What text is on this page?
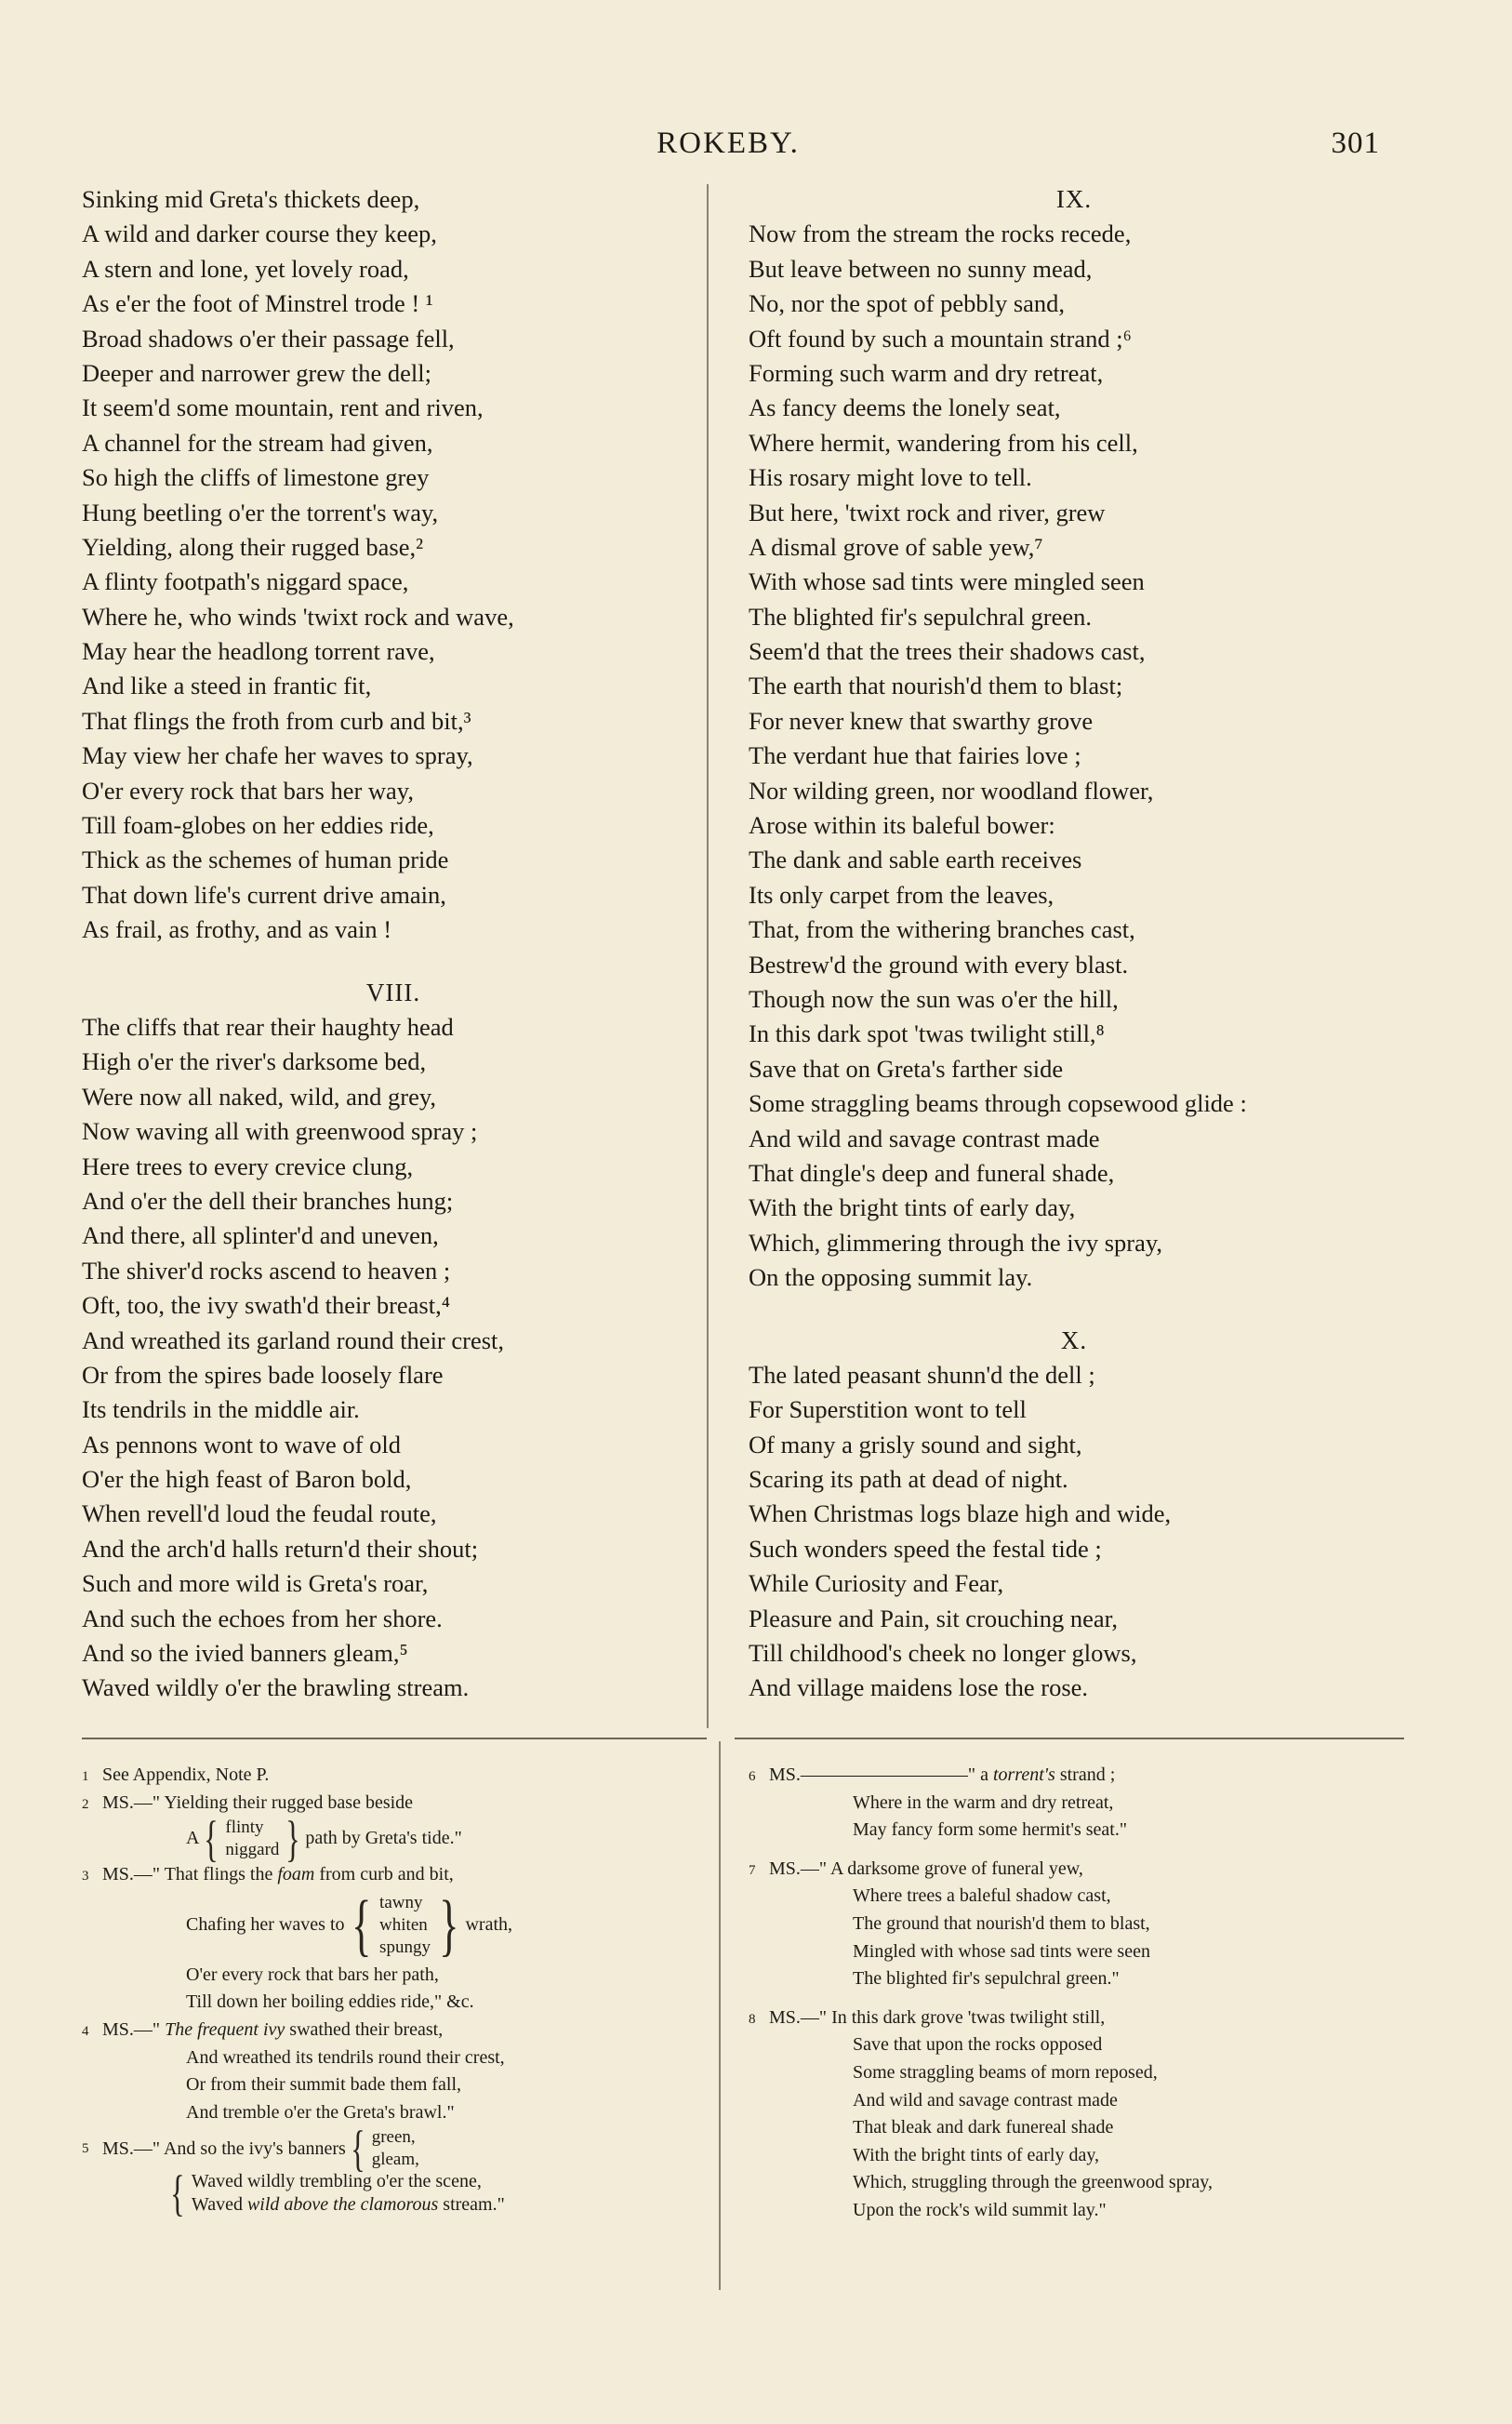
ROKEBY.	301
Sinking mid Greta's thickets deep,
A wild and darker course they keep,
A stern and lone, yet lovely road,
As e'er the foot of Minstrel trode ! ¹
Broad shadows o'er their passage fell,
Deeper and narrower grew the dell;
It seem'd some mountain, rent and riven,
A channel for the stream had given,
So high the cliffs of limestone grey
Hung beetling o'er the torrent's way,
Yielding, along their rugged base,²
A flinty footpath's niggard space,
Where he, who winds 'twixt rock and wave,
May hear the headlong torrent rave,
And like a steed in frantic fit,
That flings the froth from curb and bit,³
May view her chafe her waves to spray,
O'er every rock that bars her way,
Till foam-globes on her eddies ride,
Thick as the schemes of human pride
That down life's current drive amain,
As frail, as frothy, and as vain !
VIII.
The cliffs that rear their haughty head
High o'er the river's darksome bed,
Were now all naked, wild, and grey,
Now waving all with greenwood spray ;
Here trees to every crevice clung,
And o'er the dell their branches hung;
And there, all splinter'd and uneven,
The shiver'd rocks ascend to heaven ;
Oft, too, the ivy swath'd their breast,⁴
And wreathed its garland round their crest,
Or from the spires bade loosely flare
Its tendrils in the middle air.
As pennons wont to wave of old
O'er the high feast of Baron bold,
When revell'd loud the feudal route,
And the arch'd halls return'd their shout;
Such and more wild is Greta's roar,
And such the echoes from her shore.
And so the ivied banners gleam,⁵
Waved wildly o'er the brawling stream.
IX.
Now from the stream the rocks recede,
But leave between no sunny mead,
No, nor the spot of pebbly sand,
Oft found by such a mountain strand ;⁶
Forming such warm and dry retreat,
As fancy deems the lonely seat,
Where hermit, wandering from his cell,
His rosary might love to tell.
But here, 'twixt rock and river, grew
A dismal grove of sable yew,⁷
With whose sad tints were mingled seen
The blighted fir's sepulchral green.
Seem'd that the trees their shadows cast,
The earth that nourish'd them to blast;
For never knew that swarthy grove
The verdant hue that fairies love ;
Nor wilding green, nor woodland flower,
Arose within its baleful bower:
The dank and sable earth receives
Its only carpet from the leaves,
That, from the withering branches cast,
Bestrew'd the ground with every blast.
Though now the sun was o'er the hill,
In this dark spot 'twas twilight still,⁸
Save that on Greta's farther side
Some straggling beams through copsewood glide :
And wild and savage contrast made
That dingle's deep and funeral shade,
With the bright tints of early day,
Which, glimmering through the ivy spray,
On the opposing summit lay.
X.
The lated peasant shunn'd the dell ;
For Superstition wont to tell
Of many a grisly sound and sight,
Scaring its path at dead of night.
When Christmas logs blaze high and wide,
Such wonders speed the festal tide ;
While Curiosity and Fear,
Pleasure and Pain, sit crouching near,
Till childhood's cheek no longer glows,
And village maidens lose the rose.
1 See Appendix, Note P.
2 MS.—" Yielding their rugged base beside
A { flinty
niggard } path by Greta's tide."
3 MS.—" That flings the foam from curb and bit,
Chafing her waves to { tawny
whiten
spungy } wrath,
O'er every rock that bars her path,
Till down her boiling eddies ride," &c.
4 MS.—" The frequent ivy swathed their breast,
And wreathed its tendrils round their crest,
Or from their summit bade them fall,
And tremble o'er the Greta's brawl."
5 MS.—" And so the ivy's banners { green,
gleam,
{ Waved wildly trembling o'er the scene,
Waved wild above the clamorous stream."
6 MS.—————————" a torrent's strand ;
Where in the warm and dry retreat,
May fancy form some hermit's seat."
7 MS.—" A darksome grove of funeral yew,
Where trees a baleful shadow cast,
The ground that nourish'd them to blast,
Mingled with whose sad tints were seen
The blighted fir's sepulchral green."
8 MS.—" In this dark grove 'twas twilight still,
Save that upon the rocks opposed
Some straggling beams of morn reposed,
And wild and savage contrast made
That bleak and dark funereal shade
With the bright tints of early day,
Which, struggling through the greenwood spray,
Upon the rock's wild summit lay."
